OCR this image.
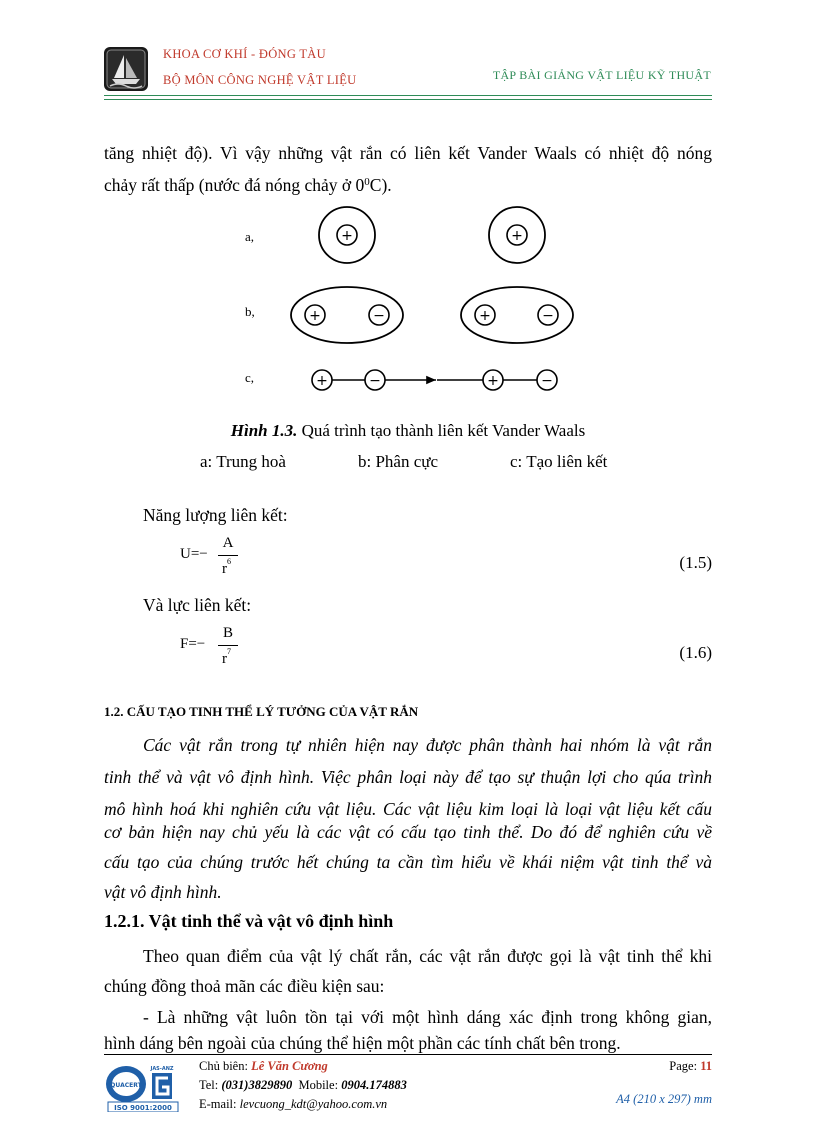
KHOA CƠ KHÍ - ĐÓNG TÀU
BỘ MÔN CÔNG NGHỆ VẬT LIỆU	TẬP BÀI GIẢNG VẬT LIỆU KỸ THUẬT
tăng nhiệt độ). Vì vậy những vật rắn có liên kết Vander Waals có nhiệt độ nóng
chảy rất thấp (nước đá nóng chảy ở $0^0C$).
a,
b,
c,
+	+
+	−	+	−
+	−	+	−
Hình 1.3. Quá trình tạo thành liên kết Vander Waals
a: Trung hoà	b: Phân cực	c: Tạo liên kết
Năng lượng liên kết:
U=−
A
$r^6$	(1.5)
Và lực liên kết:
F=−
B
$r^7$	(1.6)
1.2. CẤU TẠO TINH THỂ LÝ TƯỞNG CỦA VẬT RẮN
Các vật rắn trong tự nhiên hiện nay được phân thành hai nhóm là vật rắn
tinh thể và vật vô định hình. Việc phân loại này để tạo sự thuận lợi cho qúa trình
mô hình hoá khi nghiên cứu vật liệu. Các vật liệu kim loại là loại vật liệu kết cấu
cơ bản hiện nay chủ yếu là các vật có cấu tạo tinh thể. Do đó để nghiên cứu về
cấu tạo của chúng trước hết chúng ta cần tìm hiểu về khái niệm vật tinh thể và
vật vô định hình.
1.2.1. Vật tinh thể và vật vô định hình
Theo quan điểm của vật lý chất rắn, các vật rắn được gọi là vật tinh thể khi
chúng đồng thoả mãn các điều kiện sau:
- Là những vật luôn tồn tại với một hình dáng xác định trong không gian,
hình dáng bên ngoài của chúng thể hiện một phần các tính chất bên trong.
QUACERT
JAS-ANZ
ISO 9001:2000
Chủ biên: Lê Văn Cương
Tel: (031)3829890  Mobile: 0904.174883
E-mail: levcuong_kdt@yahoo.com.vn
Page: 11
A4 (210 x 297) mm
